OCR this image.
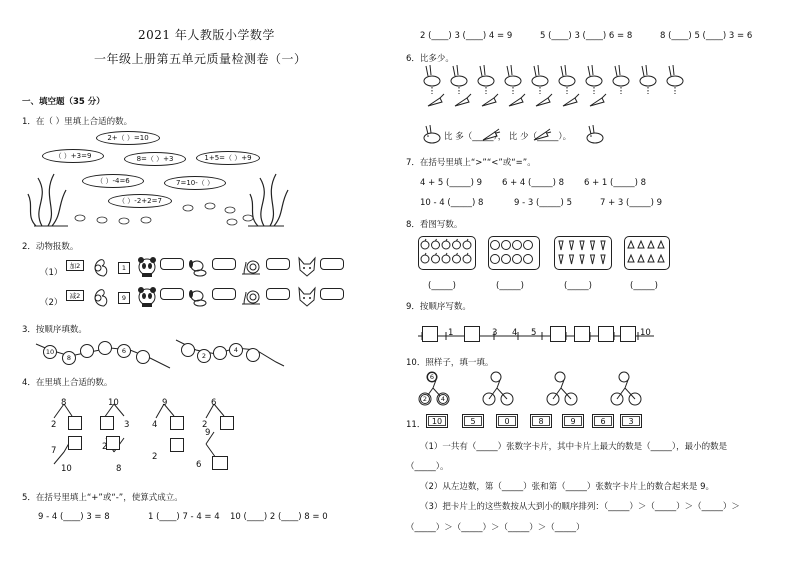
2021 年人教版小学数学
一年级上册第五单元质量检测卷（一）
一、填空题（35 分）
1．在（ ）里填上合适的数。
2+（ ）=10
（ ）+3=9	8=（ ）+3	1+5=（ ）+9
（ ）-4=6	7=10-（ ）
（ ）-2+2=7
2．动物报数。
（1）
加2	1
（2）
减2	9
3．按顺序填数。
10
8
6
2
4
4．在里填上合适的数。
8
2
10
3
9
4
6
2
7
10
2
2
8
9
6
5．在括号里填上“+”或“-”，使算式成立。
9 - 4 (____) 3 = 8	1 (____) 7 - 4 = 4 10 (____) 2 (____) 8 = 0
2 (____) 3 (____) 4 = 9	5 (____) 3 (____) 6 = 8	8 (____) 5 (____) 3 = 6
6．比多少。
比 多（_____）， 比 少（_____）。
7．在括号里填上“>”“<”或“=”。
4 + 5 (_____) 9 6 + 4 (_____) 8 6 + 1 (_____) 8
10 - 4 (_____) 8	9 - 3 (_____) 5	7 + 3 (_____) 9
8．看图写数。
(_____)	(_____)	(_____)	(_____)
9．按顺序写数。
1	3 4 5	10
10．照样子，填一填。
6
2	4
11． 10	5	0	8	9	6	3
（1）一共有（_____）张数字卡片，其中卡片上最大的数是（_____），最小的数是
（_____）。
（2）从左边数，第（_____）张和第（_____）张数字卡片上的数合起来是 9。
（3）把卡片上的这些数按从大到小的顺序排列：（_____）＞（_____）＞（_____）＞
（_____）＞（_____）＞（_____）＞（_____）
